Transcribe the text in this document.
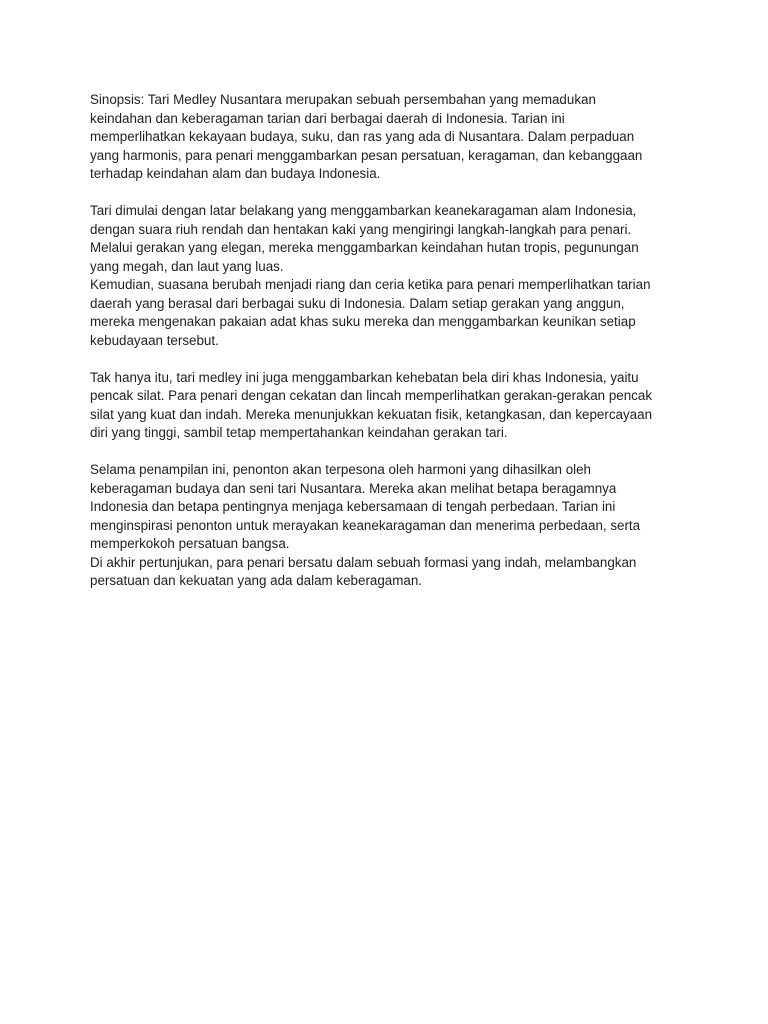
Sinopsis: Tari Medley Nusantara merupakan sebuah persembahan yang memadukan
keindahan dan keberagaman tarian dari berbagai daerah di Indonesia. Tarian ini
memperlihatkan kekayaan budaya, suku, dan ras yang ada di Nusantara. Dalam perpaduan
yang harmonis, para penari menggambarkan pesan persatuan, keragaman, dan kebanggaan
terhadap keindahan alam dan budaya Indonesia.

Tari dimulai dengan latar belakang yang menggambarkan keanekaragaman alam Indonesia,
dengan suara riuh rendah dan hentakan kaki yang mengiringi langkah-langkah para penari.
Melalui gerakan yang elegan, mereka menggambarkan keindahan hutan tropis, pegunungan
yang megah, dan laut yang luas.

Kemudian, suasana berubah menjadi riang dan ceria ketika para penari memperlihatkan tarian
daerah yang berasal dari berbagai suku di Indonesia. Dalam setiap gerakan yang anggun,
mereka mengenakan pakaian adat khas suku mereka dan menggambarkan keunikan setiap
kebudayaan tersebut.

Tak hanya itu, tari medley ini juga menggambarkan kehebatan bela diri khas Indonesia, yaitu
pencak silat. Para penari dengan cekatan dan lincah memperlihatkan gerakan-gerakan pencak
silat yang kuat dan indah. Mereka menunjukkan kekuatan fisik, ketangkasan, dan kepercayaan
diri yang tinggi, sambil tetap mempertahankan keindahan gerakan tari.

Selama penampilan ini, penonton akan terpesona oleh harmoni yang dihasilkan oleh
keberagaman budaya dan seni tari Nusantara. Mereka akan melihat betapa beragamnya
Indonesia dan betapa pentingnya menjaga kebersamaan di tengah perbedaan. Tarian ini
menginspirasi penonton untuk merayakan keanekaragaman dan menerima perbedaan, serta
memperkokoh persatuan bangsa.

Di akhir pertunjukan, para penari bersatu dalam sebuah formasi yang indah, melambangkan
persatuan dan kekuatan yang ada dalam keberagaman.
